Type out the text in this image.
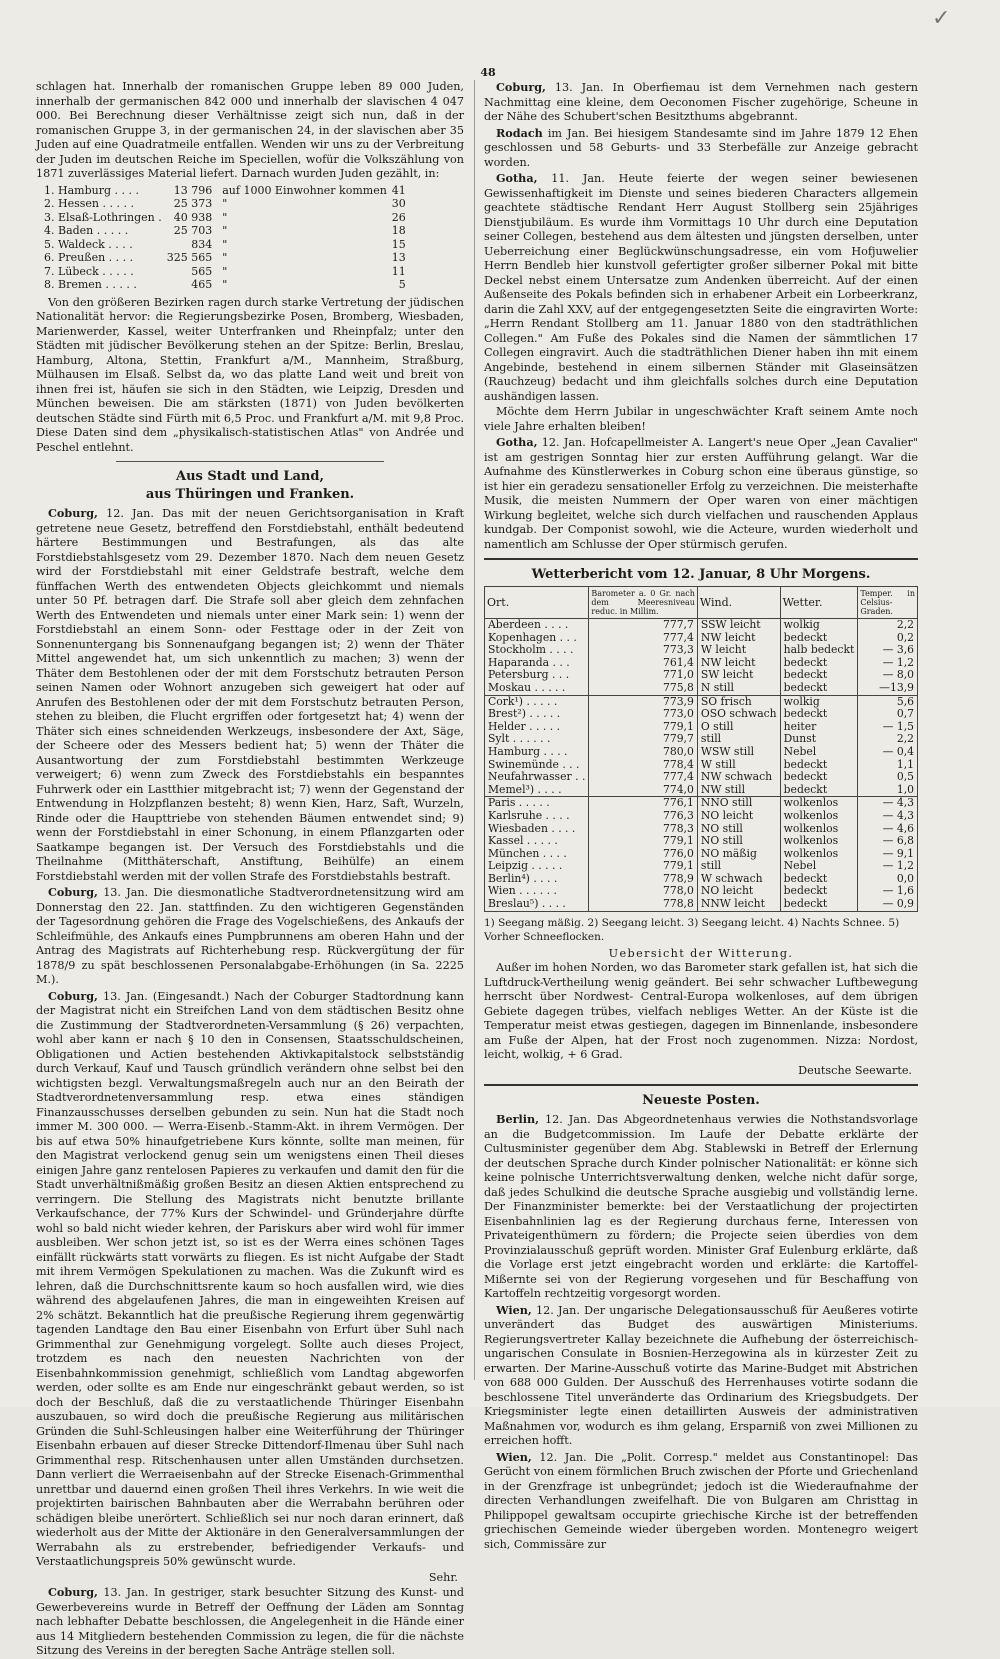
✓
48

schlagen hat. Innerhalb der romanischen Gruppe leben 89 000 Juden, innerhalb der germanischen 842 000 und innerhalb der slavischen 4 047 000. Bei Berechnung dieser Verhältnisse zeigt sich nun, daß in der romanischen Gruppe 3, in der germanischen 24, in der slavischen aber 35 Juden auf eine Quadratmeile entfallen. Wenden wir uns zu der Verbreitung der Juden im deutschen Reiche im Speciellen, wofür die Volkszählung von 1871 zuverlässiges Material liefert. Darnach wurden Juden gezählt, in:

1. Hamburg . . . .	13 796	auf 1000 Einwohner kommen	41
2. Hessen . . . . .	25 373	"	30
3. Elsaß-Lothringen .	40 938	"	26
4. Baden . . . . .	25 703	"	18
5. Waldeck . . . .	834	"	15
6. Preußen . . . .	325 565	"	13
7. Lübeck . . . . .	565	"	11
8. Bremen . . . . .	465	"	5

Von den größeren Bezirken ragen durch starke Vertretung der jüdischen Nationalität hervor: die Regierungsbezirke Posen, Bromberg, Wiesbaden, Marienwerder, Kassel, weiter Unterfranken und Rheinpfalz; unter den Städten mit jüdischer Bevölkerung stehen an der Spitze: Berlin, Breslau, Hamburg, Altona, Stettin, Frankfurt a/M., Mannheim, Straßburg, Mülhausen im Elsaß. Selbst da, wo das platte Land weit und breit von ihnen frei ist, häufen sie sich in den Städten, wie Leipzig, Dresden und München beweisen. Die am stärksten (1871) von Juden bevölkerten deutschen Städte sind Fürth mit 6,5 Proc. und Frankfurt a/M. mit 9,8 Proc. Diese Daten sind dem „physikalisch-statistischen Atlas" von Andrée und Peschel entlehnt.

Aus Stadt und Land,
aus Thüringen und Franken.

Coburg, 12. Jan. Das mit der neuen Gerichtsorganisation in Kraft getretene neue Gesetz, betreffend den Forstdiebstahl, enthält bedeutend härtere Bestimmungen und Bestrafungen, als das alte Forstdiebstahlsgesetz vom 29. Dezember 1870. Nach dem neuen Gesetz wird der Forstdiebstahl mit einer Geldstrafe bestraft, welche dem fünffachen Werth des entwendeten Objects gleichkommt und niemals unter 50 Pf. betragen darf. Die Strafe soll aber gleich dem zehnfachen Werth des Entwendeten und niemals unter einer Mark sein: 1) wenn der Forstdiebstahl an einem Sonn- oder Festtage oder in der Zeit von Sonnenuntergang bis Sonnenaufgang begangen ist; 2) wenn der Thäter Mittel angewendet hat, um sich unkenntlich zu machen; 3) wenn der Thäter dem Bestohlenen oder der mit dem Forstschutz betrauten Person seinen Namen oder Wohnort anzugeben sich geweigert hat oder auf Anrufen des Bestohlenen oder der mit dem Forstschutz betrauten Person, stehen zu bleiben, die Flucht ergriffen oder fortgesetzt hat; 4) wenn der Thäter sich eines schneidenden Werkzeugs, insbesondere der Axt, Säge, der Scheere oder des Messers bedient hat; 5) wenn der Thäter die Ausantwortung der zum Forstdiebstahl bestimmten Werkzeuge verweigert; 6) wenn zum Zweck des Forstdiebstahls ein bespanntes Fuhrwerk oder ein Lastthier mitgebracht ist; 7) wenn der Gegenstand der Entwendung in Holzpflanzen besteht; 8) wenn Kien, Harz, Saft, Wurzeln, Rinde oder die Haupttriebe von stehenden Bäumen entwendet sind; 9) wenn der Forstdiebstahl in einer Schonung, in einem Pflanzgarten oder Saatkampe begangen ist. Der Versuch des Forstdiebstahls und die Theilnahme (Mitthäterschaft, Anstiftung, Beihülfe) an einem Forstdiebstahl werden mit der vollen Strafe des Forstdiebstahls bestraft.

Coburg, 13. Jan. Die diesmonatliche Stadtverordnetensitzung wird am Donnerstag den 22. Jan. stattfinden. Zu den wichtigeren Gegenständen der Tagesordnung gehören die Frage des Vogelschießens, des Ankaufs der Schleifmühle, des Ankaufs eines Pumpbrunnens am oberen Hahn und der Antrag des Magistrats auf Richterhebung resp. Rückvergütung der für 1878/9 zu spät beschlossenen Personalabgabe-Erhöhungen (in Sa. 2225 M.).

Coburg, 13. Jan. (Eingesandt.) Nach der Coburger Stadtordnung kann der Magistrat nicht ein Streifchen Land von dem städtischen Besitz ohne die Zustimmung der Stadtverordneten-Versammlung (§ 26) verpachten, wohl aber kann er nach § 10 den in Consensen, Staatsschuldscheinen, Obligationen und Actien bestehenden Aktivkapitalstock selbstständig durch Verkauf, Kauf und Tausch gründlich verändern ohne selbst bei den wichtigsten bezgl. Verwaltungsmaßregeln auch nur an den Beirath der Stadtverordnetenversammlung resp. etwa eines ständigen Finanzausschusses derselben gebunden zu sein. Nun hat die Stadt noch immer M. 300 000. — Werra-Eisenb.-Stamm-Akt. in ihrem Vermögen. Der bis auf etwa 50% hinaufgetriebene Kurs könnte, sollte man meinen, für den Magistrat verlockend genug sein um wenigstens einen Theil dieses einigen Jahre ganz rentelosen Papieres zu verkaufen und damit den für die Stadt unverhältnißmäßig großen Besitz an diesen Aktien entsprechend zu verringern. Die Stellung des Magistrats nicht benutzte brillante Verkaufschance, der 77% Kurs der Schwindel- und Gründerjahre dürfte wohl so bald nicht wieder kehren, der Pariskurs aber wird wohl für immer ausbleiben. Wer schon jetzt ist, so ist es der Werra eines schönen Tages einfällt rückwärts statt vorwärts zu fliegen. Es ist nicht Aufgabe der Stadt mit ihrem Vermögen Spekulationen zu machen. Was die Zukunft wird es lehren, daß die Durchschnittsrente kaum so hoch ausfallen wird, wie dies während des abgelaufenen Jahres, die man in eingeweihten Kreisen auf 2% schätzt. Bekanntlich hat die preußische Regierung ihrem gegenwärtig tagenden Landtage den Bau einer Eisenbahn von Erfurt über Suhl nach Grimmenthal zur Genehmigung vorgelegt. Sollte auch dieses Project, trotzdem es nach den neuesten Nachrichten von der Eisenbahnkommission genehmigt, schließlich vom Landtag abgeworfen werden, oder sollte es am Ende nur eingeschränkt gebaut werden, so ist doch der Beschluß, daß die zu verstaatlichende Thüringer Eisenbahn auszubauen, so wird doch die preußische Regierung aus militärischen Gründen die Suhl-Schleusingen halber eine Weiterführung der Thüringer Eisenbahn erbauen auf dieser Strecke Dittendorf-Ilmenau über Suhl nach Grimmenthal resp. Ritschenhausen unter allen Umständen durchsetzen. Dann verliert die Werraeisenbahn auf der Strecke Eisenach-Grimmenthal unrettbar und dauernd einen großen Theil ihres Verkehrs. In wie weit die projektirten bairischen Bahnbauten aber die Werrabahn berühren oder schädigen bleibe unerörtert. Schließlich sei nur noch daran erinnert, daß wiederholt aus der Mitte der Aktionäre in den Generalversammlungen der Werrabahn als zu erstrebender, befriedigender Verkaufs- und Verstaatlichungspreis 50% gewünscht wurde.

Sehr.

Coburg, 13. Jan. In gestriger, stark besuchter Sitzung des Kunst- und Gewerbevereins wurde in Betreff der Oeffnung der Läden am Sonntag nach lebhafter Debatte beschlossen, die Angelegenheit in die Hände einer aus 14 Mitgliedern bestehenden Commission zu legen, die für die nächste Sitzung des Vereins in der beregten Sache Anträge stellen soll.

Coburg, 13. Jan. In Oberfiemau ist dem Vernehmen nach gestern Nachmittag eine kleine, dem Oeconomen Fischer zugehörige, Scheune in der Nähe des Schubert'schen Besitzthums abgebrannt.

Rodach im Jan. Bei hiesigem Standesamte sind im Jahre 1879 12 Ehen geschlossen und 58 Geburts- und 33 Sterbefälle zur Anzeige gebracht worden.

Gotha, 11. Jan. Heute feierte der wegen seiner bewiesenen Gewissenhaftigkeit im Dienste und seines biederen Characters allgemein geachtete städtische Rendant Herr August Stollberg sein 25jähriges Dienstjubiläum. Es wurde ihm Vormittags 10 Uhr durch eine Deputation seiner Collegen, bestehend aus dem ältesten und jüngsten derselben, unter Ueberreichung einer Beglückwünschungsadresse, ein vom Hofjuwelier Herrn Bendleb hier kunstvoll gefertigter großer silberner Pokal mit bitte Deckel nebst einem Untersatze zum Andenken überreicht. Auf der einen Außenseite des Pokals befinden sich in erhabener Arbeit ein Lorbeerkranz, darin die Zahl XXV, auf der entgegengesetzten Seite die eingravirten Worte: „Herrn Rendant Stollberg am 11. Januar 1880 von den stadträthlichen Collegen." Am Fuße des Pokales sind die Namen der sämmtlichen 17 Collegen eingravirt. Auch die stadträthlichen Diener haben ihn mit einem Angebinde, bestehend in einem silbernen Ständer mit Glaseinsätzen (Rauchzeug) bedacht und ihm gleichfalls solches durch eine Deputation aushändigen lassen.

Möchte dem Herrn Jubilar in ungeschwächter Kraft seinem Amte noch viele Jahre erhalten bleiben!

Gotha, 12. Jan. Hofcapellmeister A. Langert's neue Oper „Jean Cavalier" ist am gestrigen Sonntag hier zur ersten Aufführung gelangt. War die Aufnahme des Künstlerwerkes in Coburg schon eine überaus günstige, so ist hier ein geradezu sensationeller Erfolg zu verzeichnen. Die meisterhafte Musik, die meisten Nummern der Oper waren von einer mächtigen Wirkung begleitet, welche sich durch vielfachen und rauschenden Applaus kundgab. Der Componist sowohl, wie die Acteure, wurden wiederholt und namentlich am Schlusse der Oper stürmisch gerufen.

Wetterbericht vom 12. Januar, 8 Uhr Morgens.
Ort.	Barometer a. 0 Gr. nach dem Meeresniveau reduc. in Millim.	Wind.	Wetter.	Temper. in Celsius-Graden.
Aberdeen . . . .	777,7	SSW leicht	wolkig	2,2
Kopenhagen . . .	777,4	NW leicht	bedeckt	0,2
Stockholm . . . .	773,3	W leicht	halb bedeckt	— 3,6
Haparanda . . .	761,4	NW leicht	bedeckt	— 1,2
Petersburg . . .	771,0	SW leicht	bedeckt	— 8,0
Moskau . . . . .	775,8	N still	bedeckt	—13,9
Cork¹) . . . . .	773,9	SO frisch	wolkig	5,6
Brest²) . . . . .	773,0	OSO schwach	bedeckt	0,7
Helder . . . . .	779,1	O still	heiter	— 1,5
Sylt . . . . . .	779,7	still	Dunst	2,2
Hamburg . . . .	780,0	WSW still	Nebel	— 0,4
Swinemünde . . .	778,4	W still	bedeckt	1,1
Neufahrwasser . .	777,4	NW schwach	bedeckt	0,5
Memel³) . . . .	774,0	NW still	bedeckt	1,0
Paris . . . . .	776,1	NNO still	wolkenlos	— 4,3
Karlsruhe . . . .	776,3	NO leicht	wolkenlos	— 4,3
Wiesbaden . . . .	778,3	NO still	wolkenlos	— 4,6
Kassel . . . . .	779,1	NO still	wolkenlos	— 6,8
München . . . .	776,0	NO mäßig	wolkenlos	— 9,1
Leipzig . . . . .	779,1	still	Nebel	— 1,2
Berlin⁴) . . . .	778,9	W schwach	bedeckt	0,0
Wien . . . . . .	778,0	NO leicht	bedeckt	— 1,6
Breslau⁵) . . . .	778,8	NNW leicht	bedeckt	— 0,9
1) Seegang mäßig. 2) Seegang leicht. 3) Seegang leicht. 4) Nachts Schnee. 5) Vorher Schneeflocken.
Uebersicht der Witterung.

Außer im hohen Norden, wo das Barometer stark gefallen ist, hat sich die Luftdruck-Vertheilung wenig geändert. Bei sehr schwacher Luftbewegung herrscht über Nordwest- Central-Europa wolkenloses, auf dem übrigen Gebiete dagegen trübes, vielfach nebliges Wetter. An der Küste ist die Temperatur meist etwas gestiegen, dagegen im Binnenlande, insbesondere am Fuße der Alpen, hat der Frost noch zugenommen. Nizza: Nordost, leicht, wolkig, + 6 Grad.

Deutsche Seewarte.
Neueste Posten.

Berlin, 12. Jan. Das Abgeordnetenhaus verwies die Nothstandsvorlage an die Budgetcommission. Im Laufe der Debatte erklärte der Cultusminister gegenüber dem Abg. Stablewski in Betreff der Erlernung der deutschen Sprache durch Kinder polnischer Nationalität: er könne sich keine polnische Unterrichtsverwaltung denken, welche nicht dafür sorge, daß jedes Schulkind die deutsche Sprache ausgiebig und vollständig lerne. Der Finanzminister bemerkte: bei der Verstaatlichung der projectirten Eisenbahnlinien lag es der Regierung durchaus ferne, Interessen von Privateigenthümern zu fördern; die Projecte seien überdies von dem Provinzialausschuß geprüft worden. Minister Graf Eulenburg erklärte, daß die Vorlage erst jetzt eingebracht worden und erklärte: die Kartoffel-Mißernte sei von der Regierung vorgesehen und für Beschaffung von Kartoffeln rechtzeitig vorgesorgt worden.

Wien, 12. Jan. Der ungarische Delegationsausschuß für Aeußeres votirte unverändert das Budget des auswärtigen Ministeriums. Regierungsvertreter Kallay bezeichnete die Aufhebung der österreichisch-ungarischen Consulate in Bosnien-Herzegowina als in kürzester Zeit zu erwarten. Der Marine-Ausschuß votirte das Marine-Budget mit Abstrichen von 688 000 Gulden. Der Ausschuß des Herrenhauses votirte sodann die beschlossene Titel unveränderte das Ordinarium des Kriegsbudgets. Der Kriegsminister legte einen detaillirten Ausweis der administrativen Maßnahmen vor, wodurch es ihm gelang, Ersparniß von zwei Millionen zu erreichen hofft.

Wien, 12. Jan. Die „Polit. Corresp." meldet aus Constantinopel: Das Gerücht von einem förmlichen Bruch zwischen der Pforte und Griechenland in der Grenzfrage ist unbegründet; jedoch ist die Wiederaufnahme der directen Verhandlungen zweifelhaft. Die von Bulgaren am Christtag in Philippopel gewaltsam occupirte griechische Kirche ist der betreffenden griechischen Gemeinde wieder übergeben worden. Montenegro weigert sich, Commissäre zur
